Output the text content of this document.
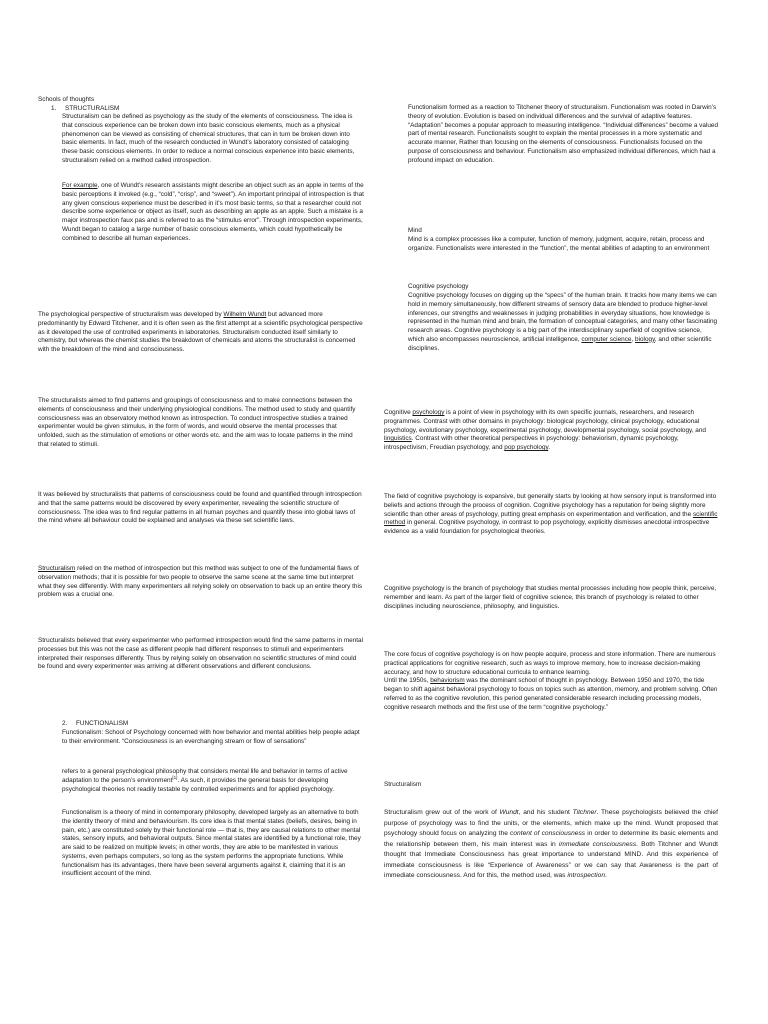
Schools of thoughts

1. STRUCTURALISM

Structuralism can be defined as psychology as the study of the elements of consciousness. The idea is that conscious experience can be broken down into basic conscious elements, much as a physical phenomenon can be viewed as consisting of chemical structures, that can in turn be broken down into basic elements. In fact, much of the research conducted in Wundt’s laboratory consisted of cataloging these basic conscious elements. In order to reduce a normal conscious experience into basic elements, structuralism relied on a method called introspection.

For example, one of Wundt’s research assistants might describe an object such as an apple in terms of the basic perceptions it invoked (e.g., “cold”, “crisp”, and “sweet”). An important principal of introspection is that any given conscious experience must be described in it’s most basic terms, so that a researcher could not describe some experience or object as itself, such as describing an apple as an apple. Such a mistake is a major instrospection faux pas and is referred to as the “stimulus error”. Through introspection experiments, Wundt began to catalog a large number of basic conscious elements, which could hypothetically be combined to describe all human experiences.

The psychological perspective of structuralism was developed by Wilhelm Wundt but advanced more predominantly by Edward Titchener, and it is often seen as the first attempt at a scientific psychological perspective as it developed the use of controlled experiments in laboratories. Structuralism conducted itself similarly to chemistry, but whereas the chemist studies the breakdown of chemicals and atoms the structuralist is concerned with the breakdown of the mind and consciousness.

The structuralists aimed to find patterns and groupings of consciousness and to make connections between the elements of consciousness and their underlying physiological conditions. The method used to study and quantify consciousness was an observatory method known as introspection. To conduct introspective studies a trained experimenter would be given stimulus, in the form of words, and would observe the mental processes that unfolded, such as the stimulation of emotions or other words etc. and the aim was to locate patterns in the mind that related to stimuli.

It was believed by structuralists that patterns of consciousness could be found and quantified through introspection and that the same patterns would be discovered by every experimenter, revealing the scientific structure of consciousness. The idea was to find regular patterns in all human psyches and quantify these into global laws of the mind where all behaviour could be explained and analyses via these set scientific laws.

Structuralism relied on the method of introspection but this method was subject to one of the fundamental flaws of observation methods; that it is possible for two people to observe the same scene at the same time but interpret what they see differently. With many experimenters all relying solely on observation to back up an entire theory this problem was a crucial one.

Structuralists believed that every experimenter who performed introspection would find the same patterns in mental processes but this was not the case as different people had different responses to stimuli and experimenters interpreted their responses differently. Thus by relying solely on observation no scientific structures of mind could be found and every experimenter was arriving at different observations and different conclusions.

2. FUNCTIONALISM

Functionalism: School of Psychology concerned with how behavior and mental abilities help people adapt to their environment. “Consciousness is an everchanging stream or flow of sensations”

refers to a general psychological philosophy that considers mental life and behavior in terms of active adaptation to the person’s environment[1]. As such, it provides the general basis for developing psychological theories not readily testable by controlled experiments and for applied psychology.

Functionalism is a theory of mind in contemporary philosophy, developed largely as an alternative to both the identity theory of mind and behaviourism. Its core idea is that mental states (beliefs, desires, being in pain, etc.) are constituted solely by their functional role — that is, they are causal relations to other mental states, sensory inputs, and behavioral outputs. Since mental states are identified by a functional role, they are said to be realized on multiple levels; in other words, they are able to be manifested in various systems, even perhaps computers, so long as the system performs the appropriate functions. While functionalism has its advantages, there have been several arguments against it, claiming that it is an insufficient account of the mind.

Functionalism formed as a reaction to Titchener theory of structuralism. Functionalism was rooted in Darwin’s theory of evolution. Evolution is based on individual differences and the survival of adaptive features. “Adaptation” becomes a popular approach to measuring intelligence. “Individual differences” become a valued part of mental research. Functionalists sought to explain the mental processes in a more systematic and accurate manner, Rather than focusing on the elements of consciousness. Functionalists focused on the purpose of consciousness and behaviour. Functionalism also emphasized individual differences, which had a profound impact on education.

Mind

Mind is a complex processes like a computer, function of memory, judgment, acquire, retain, process and organize. Functionalists were interested in the “function”, the mental abilities of adapting to an environment

Cognitive psychology

Cognitive psychology focuses on digging up the “specs” of the human brain. It tracks how many items we can hold in memory simultaneously, how different streams of sensory data are blended to produce higher-level inferences, our strengths and weaknesses in judging probabilities in everyday situations, how knowledge is represented in the human mind and brain, the formation of conceptual categories, and many other fascinating research areas. Cognitive psychology is a big part of the interdisciplinary superfield of cognitive science, which also encompasses neuroscience, artificial intelligence, computer science, biology, and other scientific disciplines.

Cognitive psychology is a point of view in psychology with its own specific journals, researchers, and research programmes. Contrast with other domains in psychology: biological psychology, clinical psychology, educational psychology, evolutionary psychology, experimental psychology, developmental psychology, social psychology, and linguistics. Contrast with other theoretical perspectives in psychology: behaviorism, dynamic psychology, introspectivism, Freudian psychology, and pop psychology.

The field of cognitive psychology is expansive, but generally starts by looking at how sensory input is transformed into beliefs and actions through the process of cognition. Cognitive psychology has a reputation for being slightly more scientific than other areas of psychology, putting great emphasis on experimentation and verification, and the scientific method in general. Cognitive psychology, in contrast to pop psychology, explicitly dismisses anecdotal introspective evidence as a valid foundation for psychological theories.

Cognitive psychology is the branch of psychology that studies mental processes including how people think, perceive, remember and learn. As part of the larger field of cognitive science, this branch of psychology is related to other disciplines including neuroscience, philosophy, and linguistics.

The core focus of cognitive psychology is on how people acquire, process and store information. There are numerous practical applications for cognitive research, such as ways to improve memory, how to increase decision-making accuracy, and how to structure educational curricula to enhance learning.
Until the 1950s, behaviorism was the dominant school of thought in psychology. Between 1950 and 1970, the tide began to shift against behavioral psychology to focus on topics such as attention, memory, and problem solving. Often referred to as the cognitive revolution, this period generated considerable research including processing models, cognitive research methods and the first use of the term “cognitive psychology.”

Structuralism

Structuralism grew out of the work of Wundt, and his student Titchner. These psychologists believed the chief purpose of psychology was to find the units, or the elements, which make up the mind. Wundt proposed that psychology should focus on analyzing the content of consciousness in order to determine its basic elements and the relationship between them, his main interest was in immediate consciousness. Both Titchner and Wundt thought that Immediate Consciousness has great importance to understand MIND. And this experience of immediate consciousness is like “Experience of Awareness” or we can say that Awareness is the part of immediate consciousness. And for this, the method used, was introspection.
